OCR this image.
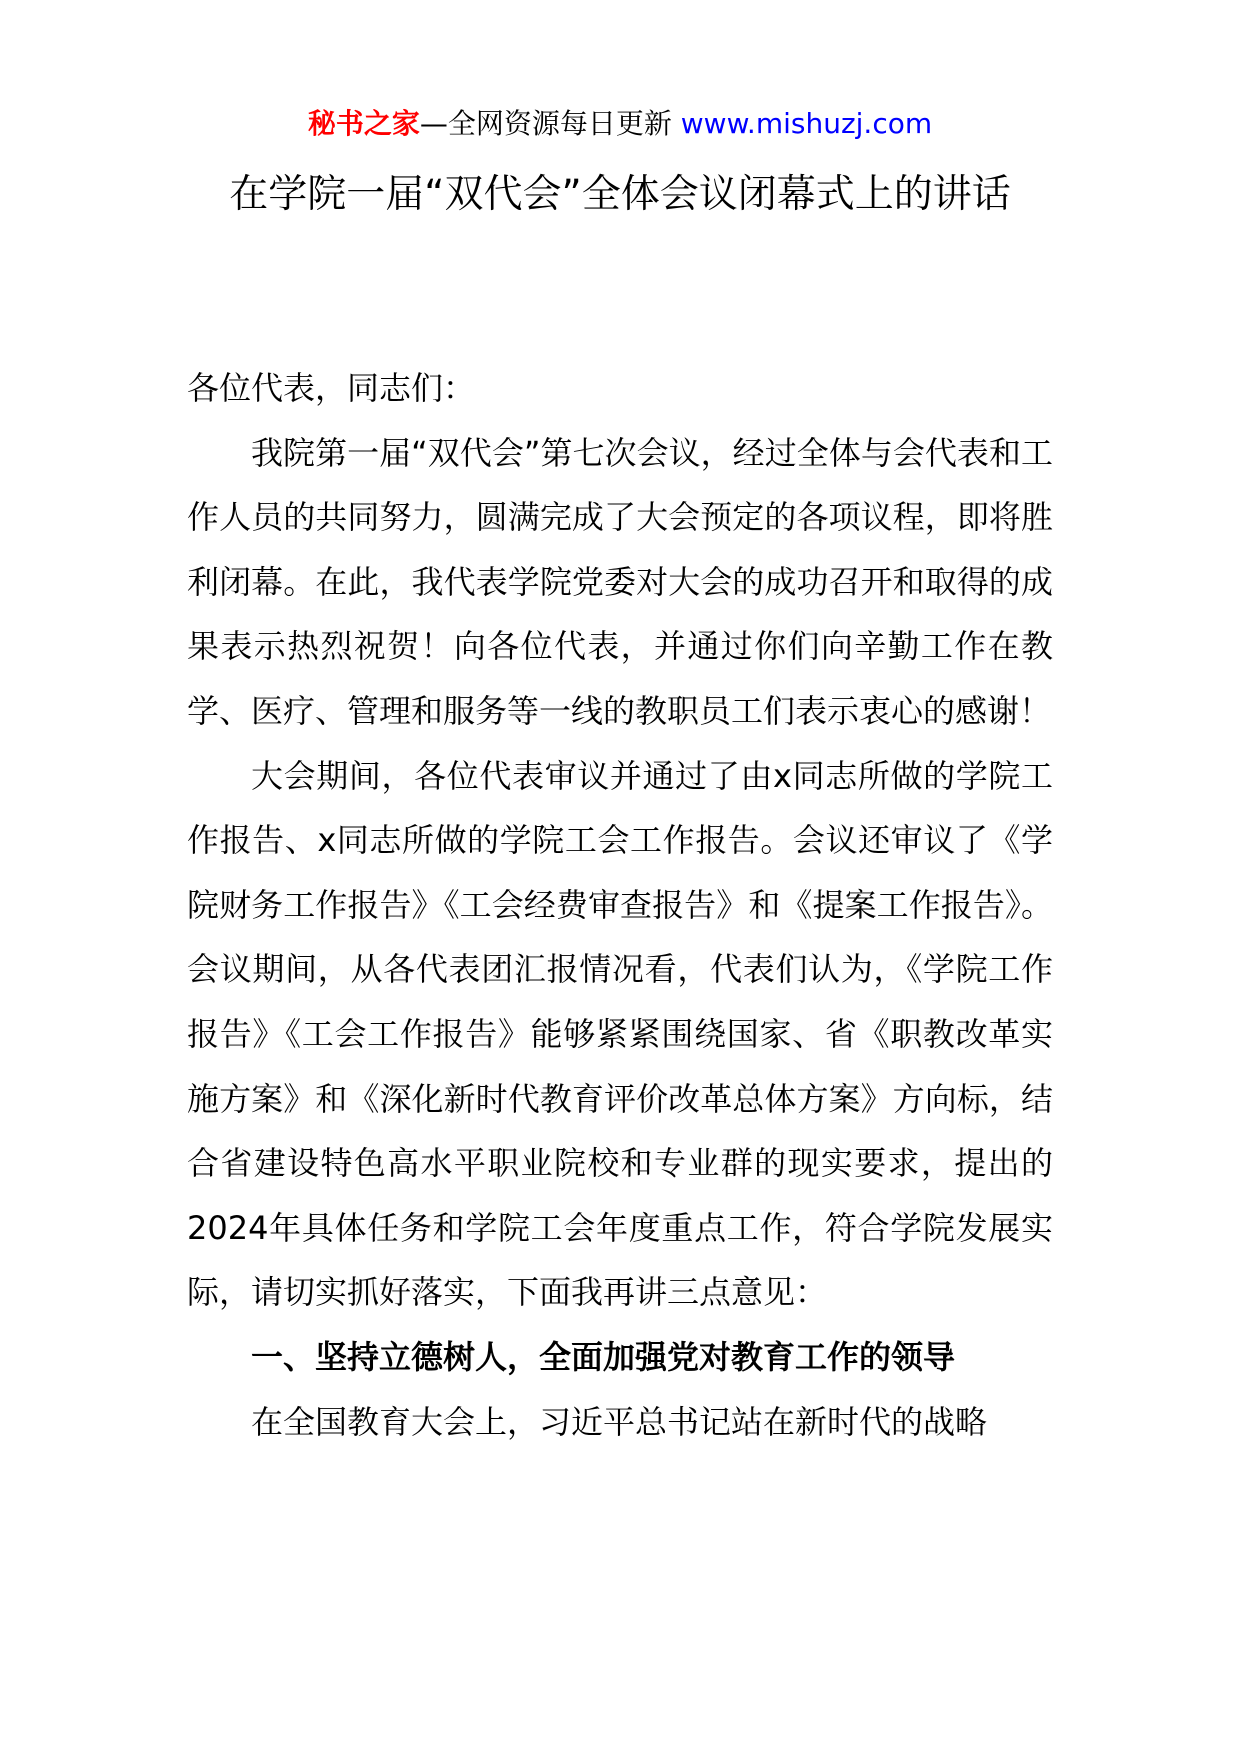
秘书之家—全网资源每日更新 www.mishuzj.com
在学院一届“双代会”全体会议闭幕式上的讲话

各位代表，同志们：

我院第一届“双代会”第七次会议，经过全体与会代表和工作人员的共同努力，圆满完成了大会预定的各项议程，即将胜利闭幕。在此，我代表学院党委对大会的成功召开和取得的成果表示热烈祝贺！向各位代表，并通过你们向辛勤工作在教学、医疗、管理和服务等一线的教职员工们表示衷心的感谢！

大会期间，各位代表审议并通过了由x同志所做的学院工作报告、x同志所做的学院工会工作报告。会议还审议了《学院财务工作报告》《工会经费审查报告》和《提案工作报告》。会议期间，从各代表团汇报情况看，代表们认为，《学院工作报告》《工会工作报告》能够紧紧围绕国家、省《职教改革实施方案》和《深化新时代教育评价改革总体方案》方向标，结合省建设特色高水平职业院校和专业群的现实要求，提出的2024年具体任务和学院工会年度重点工作，符合学院发展实际，请切实抓好落实，下面我再讲三点意见：

一、坚持立德树人，全面加强党对教育工作的领导

在全国教育大会上，习近平总书记站在新时代的战略
